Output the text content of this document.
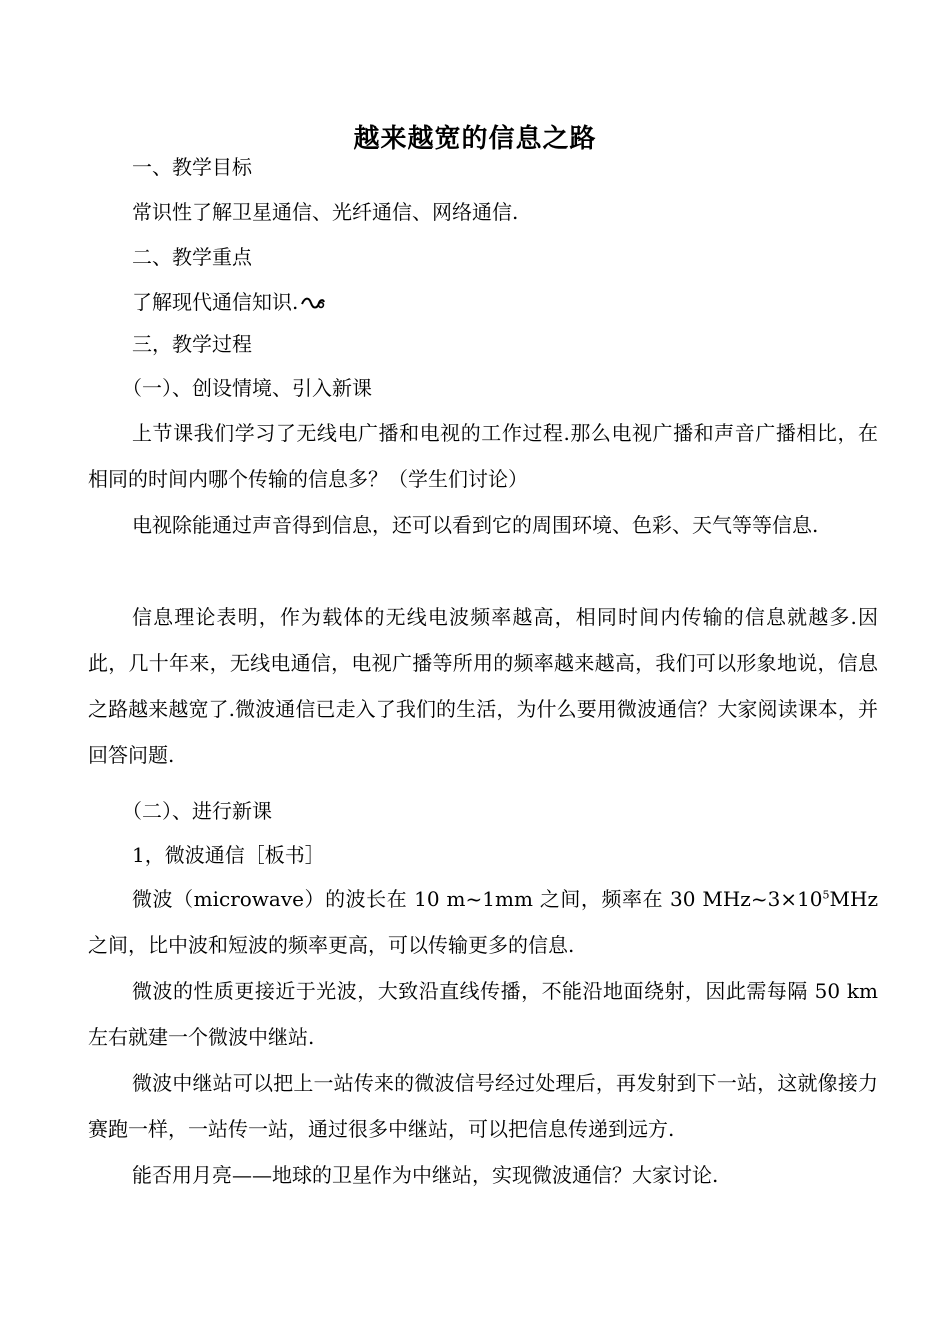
越来越宽的信息之路
一、教学目标
常识性了解卫星通信、光纤通信、网络通信.
二、教学重点
了解现代通信知识.
三，教学过程
（一）、创设情境、引入新课
上节课我们学习了无线电广播和电视的工作过程.那么电视广播和声音广播相比，在相同的时间内哪个传输的信息多？（学生们讨论）
电视除能通过声音得到信息，还可以看到它的周围环境、色彩、天气等等信息.
信息理论表明，作为载体的无线电波频率越高，相同时间内传输的信息就越多.因此，几十年来，无线电通信，电视广播等所用的频率越来越高，我们可以形象地说，信息之路越来越宽了.微波通信已走入了我们的生活，为什么要用微波通信？大家阅读课本，并回答问题.
（二）、进行新课
1，微波通信［板书］
微波（microwave）的波长在 10 m~1mm 之间，频率在 30 $MHz\sim 3\times 10^5MHz$ 之间，比中波和短波的频率更高，可以传输更多的信息.
微波的性质更接近于光波，大致沿直线传播，不能沿地面绕射，因此需每隔 50 km 左右就建一个微波中继站.
微波中继站可以把上一站传来的微波信号经过处理后，再发射到下一站，这就像接力赛跑一样，一站传一站，通过很多中继站，可以把信息传递到远方.
能否用月亮——地球的卫星作为中继站，实现微波通信？大家讨论.
